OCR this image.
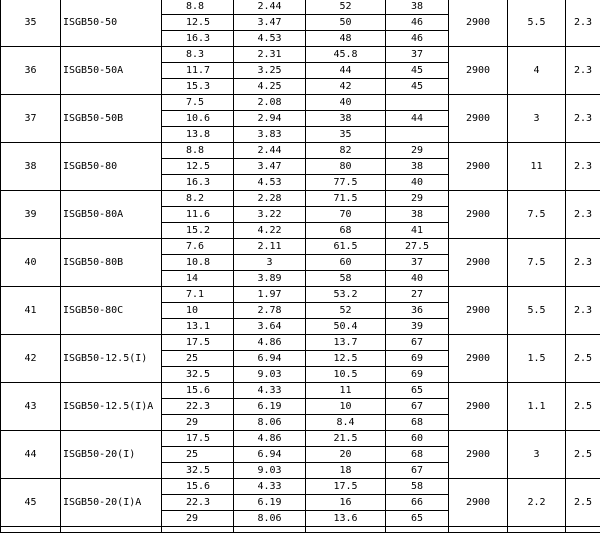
35	ISGB50-50	8.8	2.44	52	38	2900	5.5	2.3
		12.5	3.47	50	46			
		16.3	4.53	48	46			
36	ISGB50-50A	8.3	2.31	45.8	37	2900	4	2.3
		11.7	3.25	44	45			
		15.3	4.25	42	45			
37	ISGB50-50B	7.5	2.08	40		2900	3	2.3
		10.6	2.94	38	44			
		13.8	3.83	35				
38	ISGB50-80	8.8	2.44	82	29	2900	11	2.3
		12.5	3.47	80	38			
		16.3	4.53	77.5	40			
39	ISGB50-80A	8.2	2.28	71.5	29	2900	7.5	2.3
		11.6	3.22	70	38			
		15.2	4.22	68	41			
40	ISGB50-80B	7.6	2.11	61.5	27.5	2900	7.5	2.3
		10.8	3	60	37			
		14	3.89	58	40			
41	ISGB50-80C	7.1	1.97	53.2	27	2900	5.5	2.3
		10	2.78	52	36			
		13.1	3.64	50.4	39			
42	ISGB50-12.5(I)	17.5	4.86	13.7	67	2900	1.5	2.5
		25	6.94	12.5	69			
		32.5	9.03	10.5	69			
43	ISGB50-12.5(I)A	15.6	4.33	11	65	2900	1.1	2.5
		22.3	6.19	10	67			
		29	8.06	8.4	68			
44	ISGB50-20(I)	17.5	4.86	21.5	60	2900	3	2.5
		25	6.94	20	68			
		32.5	9.03	18	67			
45	ISGB50-20(I)A	15.6	4.33	17.5	58	2900	2.2	2.5
		22.3	6.19	16	66			
		29	8.06	13.6	65			
